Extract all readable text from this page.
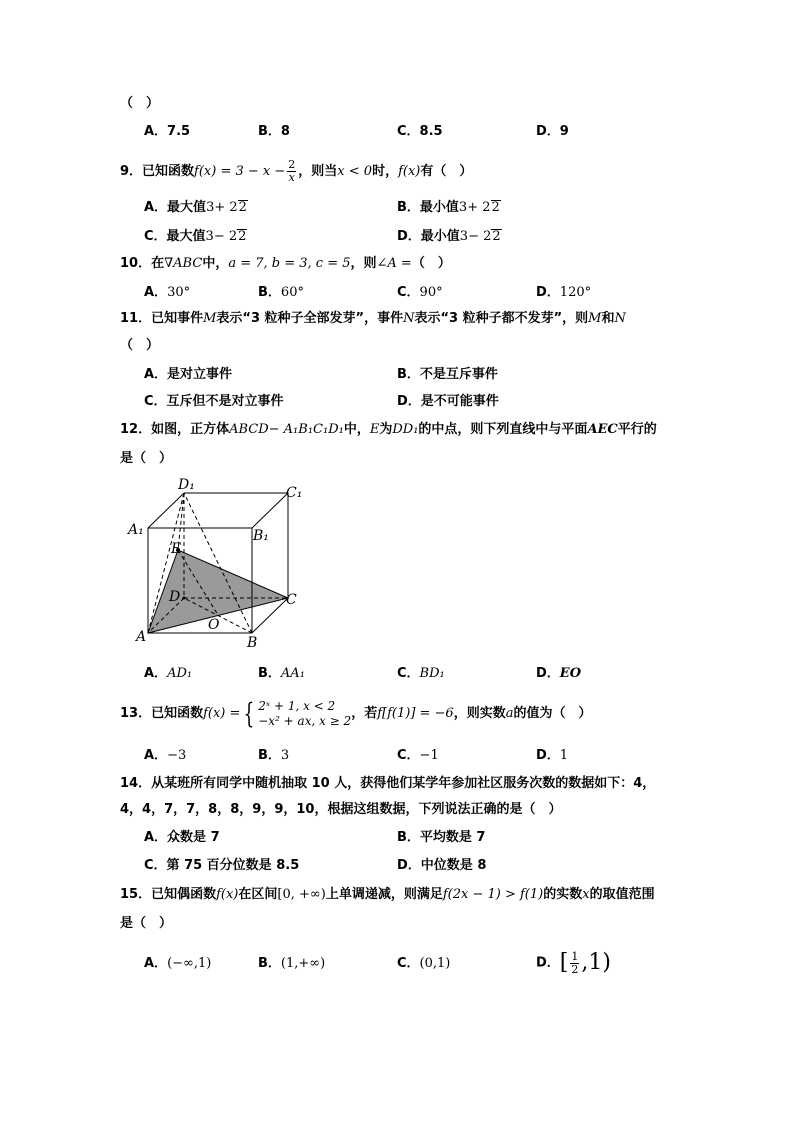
（　）
A．7.5	B．8	C．8.5	D．9
9．已知函数$f(x) = 3 - x - \frac{2}{x}$ ，则当x < 0时，f(x)有（　）
A．最大值3+ 22	B．最小值3+ 22
C．最大值3− 22	D．最小值3− 22
10．在∇ABC中，a = 7, b = 3, c = 5，则∠A =（　）
A．30°	B．60°	C．90°	D．120°
11．已知事件M表示“3 粒种子全部发芽”，事件N表示“3 粒种子都不发芽”，则M和N
（　）
A．是对立事件	B．不是互斥事件
C．互斥但不是对立事件	D．是不可能事件
12．如图，正方体ABCD− A₁B₁C₁D₁中，E为DD₁的中点，则下列直线中与平面AEC平行的
是（　）
D₁	C₁
A₁	B₁
E
D	C
O
A	B
A．AD₁	B．AA₁	C．BD₁	D．EO
13．已知函数f(x) = { 2ˣ + 1, x < 2
−x² + ax, x ≥ 2 ，若f[f(1)] = −6，则实数a的值为（　）
A．−3	B．3	C．−1	D．1
14．从某班所有同学中随机抽取 10 人，获得他们某学年参加社区服务次数的数据如下：4，
4，4，7，7，8，8，9，9，10，根据这组数据，下列说法正确的是（　）
A．众数是 7	B．平均数是 7
C．第 75 百分位数是 8.5	D．中位数是 8
15．已知偶函数f(x)在区间[0, +∞)上单调递减，则满足f(2x − 1) > f(1)的实数x的取值范围
是（　）
A．(−∞,1)	B．(1,+∞)	C．(0,1)	D．[ $\frac{1}{2} ,1$)
